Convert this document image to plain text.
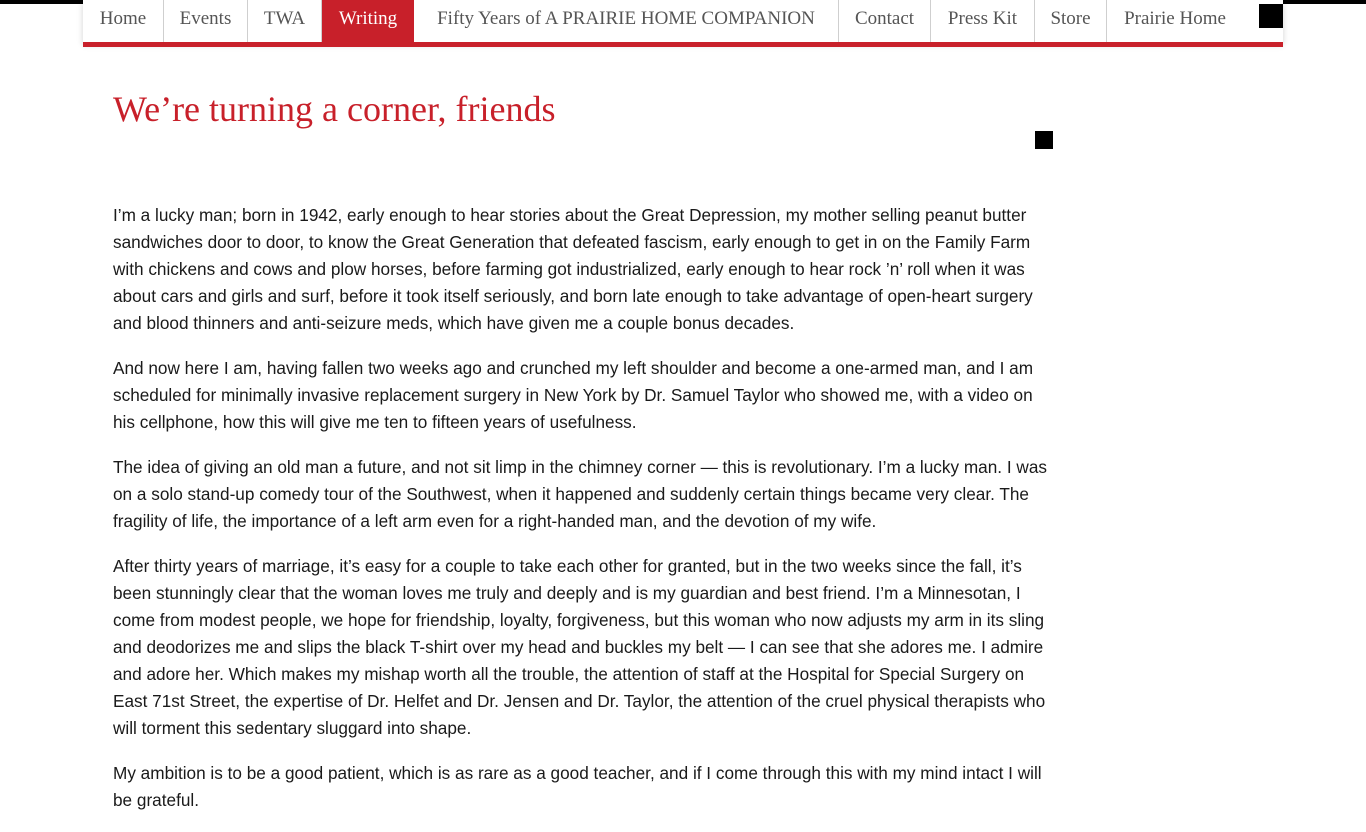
Home	Events	TWA	Writing	Fifty Years of A PRAIRIE HOME COMPANION	Contact	Press Kit	Store	Prairie Home
We’re turning a corner, friends

I’m a lucky man; born in 1942, early enough to hear stories about the Great Depression, my mother selling peanut butter sandwiches door to door, to know the Great Generation that defeated fascism, early enough to get in on the Family Farm with chickens and cows and plow horses, before farming got industrialized, early enough to hear rock ’n’ roll when it was about cars and girls and surf, before it took itself seriously, and born late enough to take advantage of open-heart surgery and blood thinners and anti-seizure meds, which have given me a couple bonus decades.

And now here I am, having fallen two weeks ago and crunched my left shoulder and become a one-armed man, and I am scheduled for minimally invasive replacement surgery in New York by Dr. Samuel Taylor who showed me, with a video on his cellphone, how this will give me ten to fifteen years of usefulness.

The idea of giving an old man a future, and not sit limp in the chimney corner — this is revolutionary. I’m a lucky man. I was on a solo stand-up comedy tour of the Southwest, when it happened and suddenly certain things became very clear. The fragility of life, the importance of a left arm even for a right-handed man, and the devotion of my wife.

After thirty years of marriage, it’s easy for a couple to take each other for granted, but in the two weeks since the fall, it’s been stunningly clear that the woman loves me truly and deeply and is my guardian and best friend. I’m a Minnesotan, I come from modest people, we hope for friendship, loyalty, forgiveness, but this woman who now adjusts my arm in its sling and deodorizes me and slips the black T-shirt over my head and buckles my belt — I can see that she adores me. I admire and adore her. Which makes my mishap worth all the trouble, the attention of staff at the Hospital for Special Surgery on East 71st Street, the expertise of Dr. Helfet and Dr. Jensen and Dr. Taylor, the attention of the cruel physical therapists who will torment this sedentary sluggard into shape.

My ambition is to be a good patient, which is as rare as a good teacher, and if I come through this with my mind intact I will be grateful.
